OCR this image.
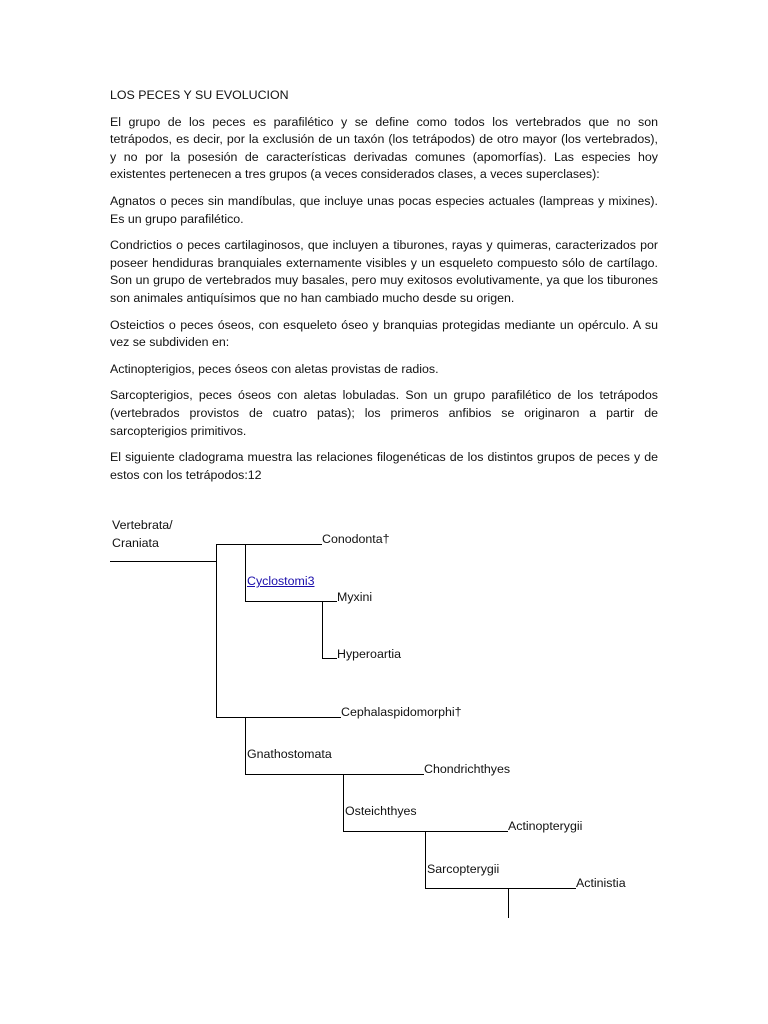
LOS PECES Y SU EVOLUCION

El grupo de los peces es parafilético y se define como todos los vertebrados que no son tetrápodos, es decir, por la exclusión de un taxón (los tetrápodos) de otro mayor (los vertebrados), y no por la posesión de características derivadas comunes (apomorfías). Las especies hoy existentes pertenecen a tres grupos (a veces considerados clases, a veces superclases):

Agnatos o peces sin mandíbulas, que incluye unas pocas especies actuales (lampreas y mixines). Es un grupo parafilético.

Condrictios o peces cartilaginosos, que incluyen a tiburones, rayas y quimeras, caracterizados por poseer hendiduras branquiales externamente visibles y un esqueleto compuesto sólo de cartílago. Son un grupo de vertebrados muy basales, pero muy exitosos evolutivamente, ya que los tiburones son animales antiquísimos que no han cambiado mucho desde su origen.

Osteictios o peces óseos, con esqueleto óseo y branquias protegidas mediante un opérculo. A su vez se subdividen en:

Actinopterigios, peces óseos con aletas provistas de radios.

Sarcopterigios, peces óseos con aletas lobuladas. Son un grupo parafilético de los tetrápodos (vertebrados provistos de cuatro patas); los primeros anfibios se originaron a partir de sarcopterigios primitivos.

El siguiente cladograma muestra las relaciones filogenéticas de los distintos grupos de peces y de estos con los tetrápodos:12

Vertebrata/
Craniata	Conodonta†
Cyclostomi3
Myxini
Hyperoartia
Cephalaspidomorphi†
Gnathostomata
Chondrichthyes
Osteichthyes
Actinopterygii
Sarcopterygii
Actinistia
